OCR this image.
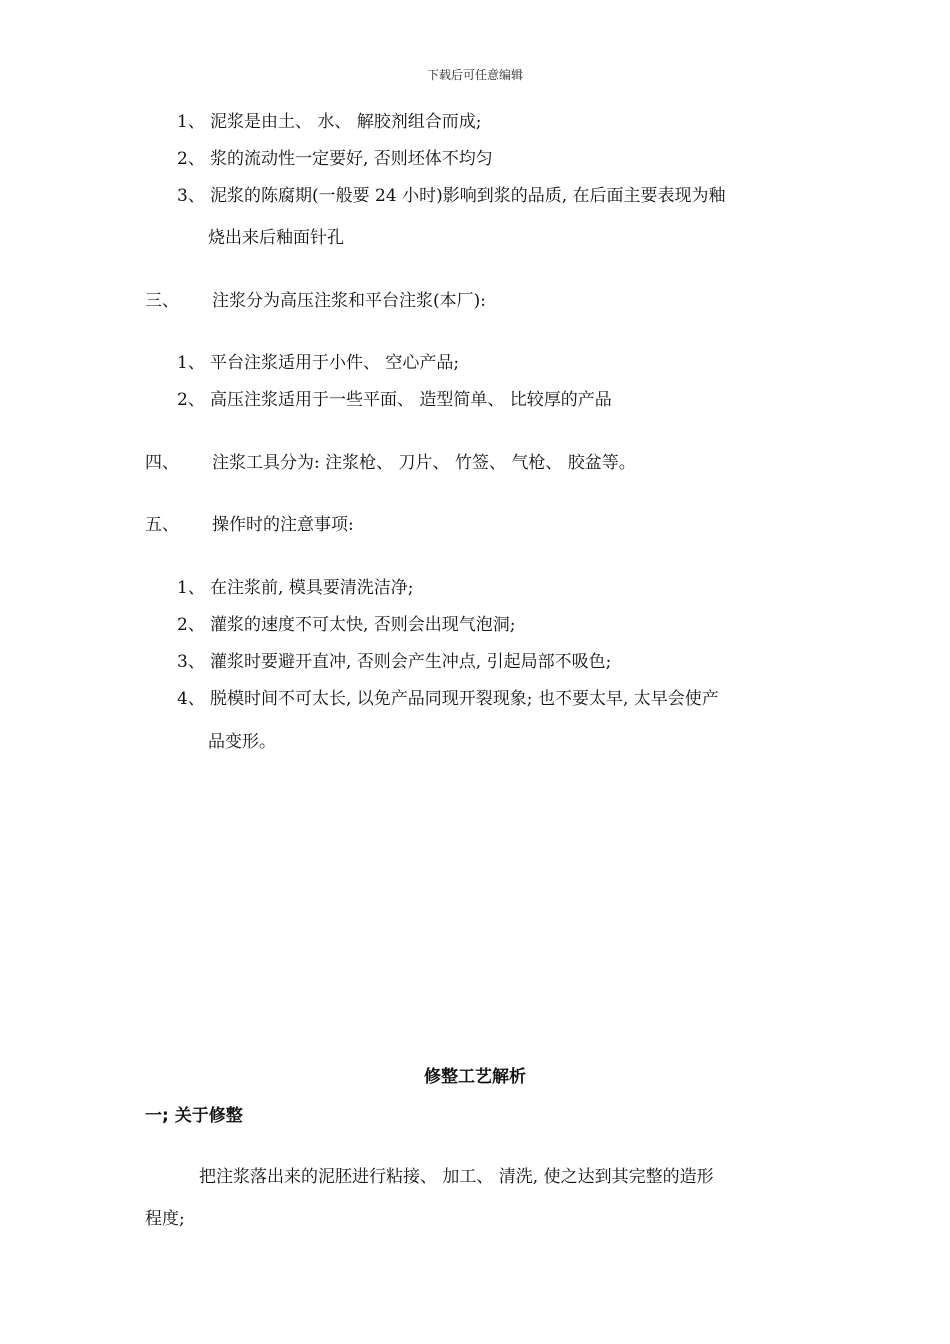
下载后可任意编辑
1、 泥浆是由土、 水、 解胶剂组合而成;
2、 浆的流动性一定要好, 否则坯体不均匀
3、 泥浆的陈腐期(一般要 24 小时)影响到浆的品质, 在后面主要表现为釉
烧出来后釉面针孔
三、 注浆分为高压注浆和平台注浆(本厂):
1、 平台注浆适用于小件、 空心产品;
2、 高压注浆适用于一些平面、 造型简单、 比较厚的产品
四、 注浆工具分为: 注浆枪、 刀片、 竹签、 气枪、 胶盆等。
五、 操作时的注意事项:
1、 在注浆前, 模具要清洗洁净;
2、 灌浆的速度不可太快, 否则会出现气泡洞;
3、 灌浆时要避开直冲, 否则会产生冲点, 引起局部不吸色;
4、 脱模时间不可太长, 以免产品同现开裂现象; 也不要太早, 太早会使产
品变形。
修整工艺解析
一; 关于修整
把注浆落出来的泥胚进行粘接、 加工、 清洗, 使之达到其完整的造形
程度;
